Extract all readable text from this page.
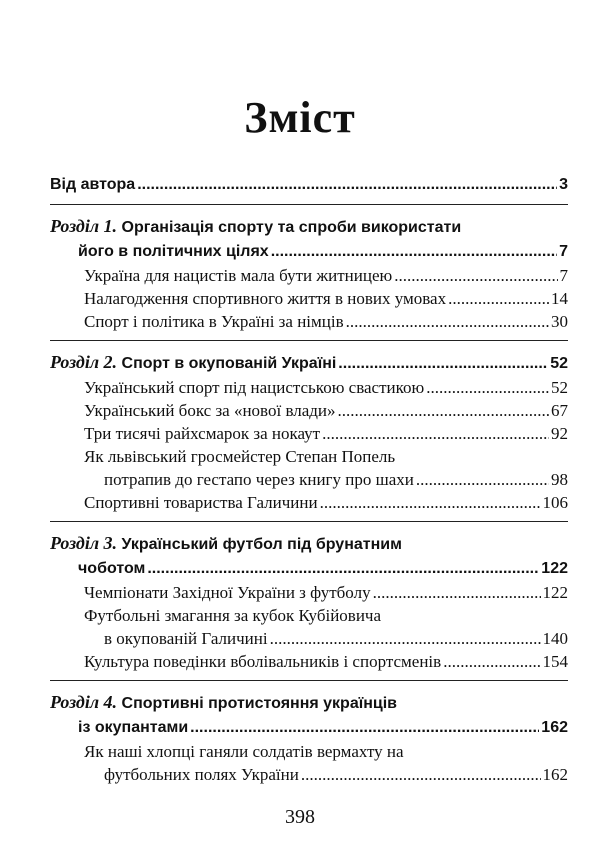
Зміст
Від автора .....	3
Розділ 1. Організація спорту та спроби використати
його в політичних цілях .....	7
Україна для нацистів мала бути житницею .....	7
Налагодження спортивного життя в нових умовах .....	14
Спорт і політика в Україні за німців .....	30
Розділ 2. Спорт в окупованій Україні .....	52
Український спорт під нацистською свастикою .....	52
Український бокс за «нової влади» .....	67
Три тисячі райхсмарок за нокаут .....	92
Як львівський гросмейстер Степан Попель
потрапив до гестапо через книгу про шахи .....	98
Спортивні товариства Галичини .....	106
Розділ 3. Український футбол під брунатним
чоботом .....	122
Чемпіонати Західної України з футболу .....	122
Футбольні змагання за кубок Кубійовича
в окупованій Галичині .....	140
Культура поведінки вболівальників і спортсменів .....	154
Розділ 4. Спортивні протистояння українців
із окупантами .....	162
Як наші хлопці ганяли солдатів вермахту на
футбольних полях України .....	162
398
